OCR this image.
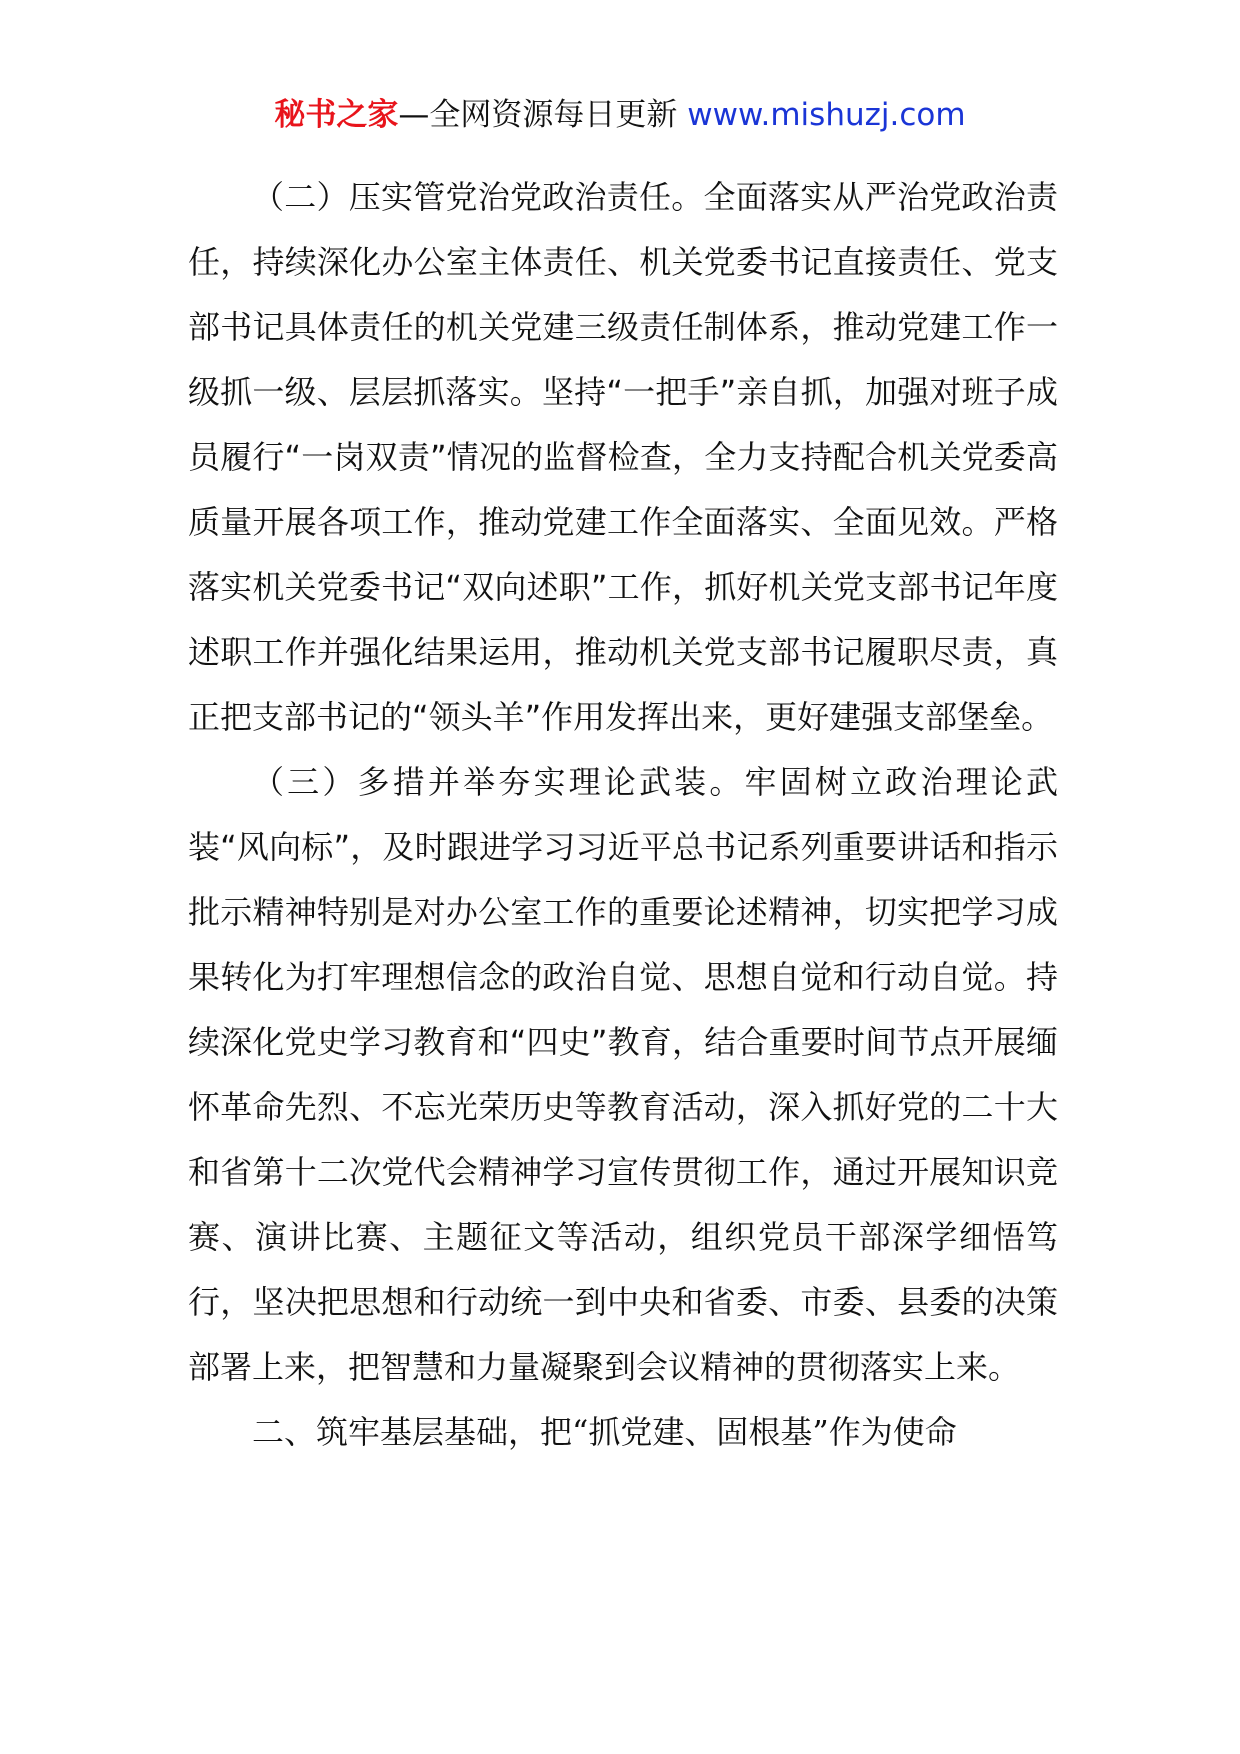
秘书之家—全网资源每日更新 www.mishuzj.com

（二）压实管党治党政治责任。全面落实从严治党政治责任，持续深化办公室主体责任、机关党委书记直接责任、党支部书记具体责任的机关党建三级责任制体系，推动党建工作一级抓一级、层层抓落实。坚持“一把手”亲自抓，加强对班子成员履行“一岗双责”情况的监督检查，全力支持配合机关党委高质量开展各项工作，推动党建工作全面落实、全面见效。严格落实机关党委书记“双向述职”工作，抓好机关党支部书记年度述职工作并强化结果运用，推动机关党支部书记履职尽责，真正把支部书记的“领头羊”作用发挥出来，更好建强支部堡垒。

（三）多措并举夯实理论武装。牢固树立政治理论武装“风向标”，及时跟进学习习近平总书记系列重要讲话和指示批示精神特别是对办公室工作的重要论述精神，切实把学习成果转化为打牢理想信念的政治自觉、思想自觉和行动自觉。持续深化党史学习教育和“四史”教育，结合重要时间节点开展缅怀革命先烈、不忘光荣历史等教育活动，深入抓好党的二十大和省第十二次党代会精神学习宣传贯彻工作，通过开展知识竞赛、演讲比赛、主题征文等活动，组织党员干部深学细悟笃行，坚决把思想和行动统一到中央和省委、市委、县委的决策部署上来，把智慧和力量凝聚到会议精神的贯彻落实上来。

二、筑牢基层基础，把“抓党建、固根基”作为使命
